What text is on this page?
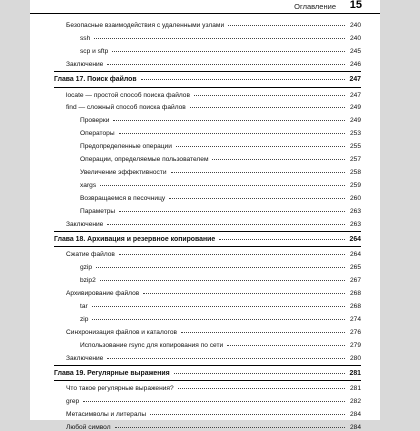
Оглавление 15
Безопасные взаимодействия с удаленными узлами	240
ssh	240
scp и sftp	245
Заключение	246
Глава 17. Поиск файлов	247
locate — простой способ поиска файлов	247
find — сложный способ поиска файлов	249
Проверки	249
Операторы	253
Предопределенные операции	255
Операции, определяемые пользователем	257
Увеличение эффективности	258
xargs	259
Возвращаемся в песочницу	260
Параметры	263
Заключение	263
Глава 18. Архивация и резервное копирование	264
Сжатие файлов	264
gzip	265
bzip2	267
Архивирование файлов	268
tar	268
zip	274
Синхронизация файлов и каталогов	276
Использование rsync для копирования по сети	279
Заключение	280
Глава 19. Регулярные выражения	281
Что такое регулярные выражения?	281
grep	282
Метасимволы и литералы	284
Любой символ	284
